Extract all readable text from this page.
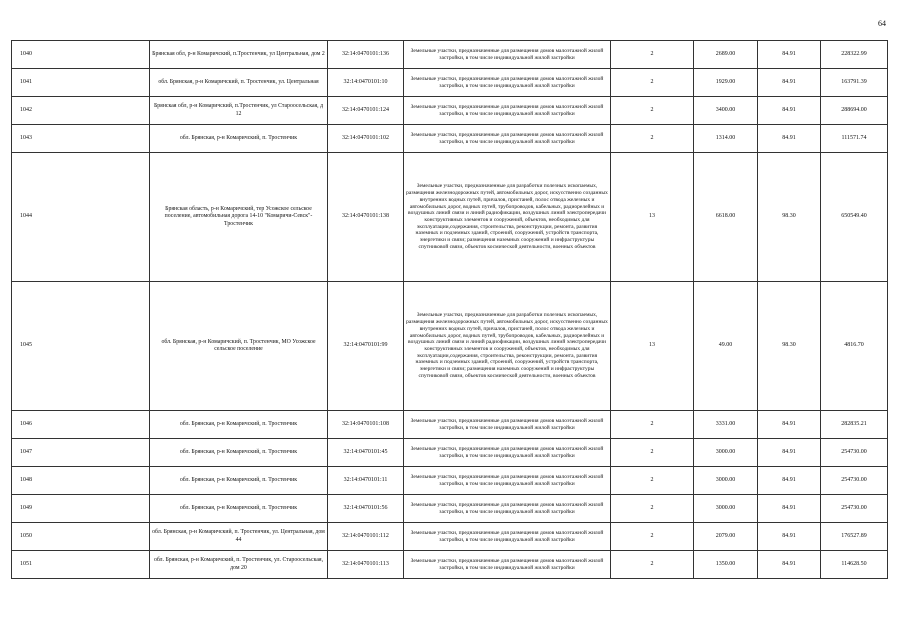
64
1040	Брянская обл, р-н Комаричский, п.Тростенчик, ул Центральная, дом 2	32:14:0470101:136	Земельные участки, предназначенные для размещения домов малоэтажной жилой застройки, в том числе индивидуальной жилой застройки	2	2689.00	84.91	228322.99
1041	обл. Брянская, р-н Комаричский, п. Тростенчик, ул. Центральная	32:14:0470101:10	Земельные участки, предназначенные для размещения домов малоэтажной жилой застройки, в том числе индивидуальной жилой застройки	2	1929.00	84.91	163791.39
1042	Брянская обл, р-н Комаричский, п.Тростенчик, ул Староосельская, д 12	32:14:0470101:124	Земельные участки, предназначенные для размещения домов малоэтажной жилой застройки, в том числе индивидуальной жилой застройки	2	3400.00	84.91	288694.00
1043	обл. Брянская, р-н Комаричский, п. Тростенчик	32:14:0470101:102	Земельные участки, предназначенные для размещения домов малоэтажной жилой застройки, в том числе индивидуальной жилой застройки	2	1314.00	84.91	111571.74
1044	Брянская область, р-н Комаричский, тер Усожское сельское поселение, автомобильная дорога 14-10 "Комаричи-Севск"-Тростенчик	32:14:0470101:138	Земельные участки, предназначенные для разработки полезных ископаемых, размещения железнодорожных путей, автомобильных дорог, искусственно созданных внутренних водных путей, причалов, пристаней, полос отвода железных и автомобильных дорог, водных путей, трубопроводов, кабельных, радиорелейных и воздушных линий связи и линий радиофикации, воздушных линий электропередачи конструктивных элементов и сооружений, объектов, необходимых для эксплуатации,содержания, строительства, реконструкции, ремонта, развития наземных и подземных зданий, строений, сооружений, устройств транспорта, энергетики и связи; размещения наземных сооружений и инфраструктуры спутниковой связи, объектов космической деятельности, военных объектов	13	6618.00	98.30	650549.40
1045	обл. Брянская, р-н Комаричский, п. Тростенчик, МО Усожское сельское поселение	32:14:0470101:99	Земельные участки, предназначенные для разработки полезных ископаемых, размещения железнодорожных путей, автомобильных дорог, искусственно созданных внутренних водных путей, причалов, пристаней, полос отвода железных и автомобильных дорог, водных путей, трубопроводов, кабельных, радиорелейных и воздушных линий связи и линий радиофикации, воздушных линий электропередачи конструктивных элементов и сооружений, объектов, необходимых для эксплуатации,содержания, строительства, реконструкции, ремонта, развития наземных и подземных зданий, строений, сооружений, устройств транспорта, энергетики и связи; размещения наземных сооружений и инфраструктуры спутниковой связи, объектов космической деятельности, военных объектов	13	49.00	98.30	4816.70
1046	обл. Брянская, р-н Комаричский, п. Тростенчик	32:14:0470101:108	Земельные участки, предназначенные для размещения домов малоэтажной жилой застройки, в том числе индивидуальной жилой застройки	2	3331.00	84.91	282835.21
1047	обл. Брянская, р-н Комаричский, п. Тростенчик	32:14:0470101:45	Земельные участки, предназначенные для размещения домов малоэтажной жилой застройки, в том числе индивидуальной жилой застройки	2	3000.00	84.91	254730.00
1048	обл. Брянская, р-н Комаричский, п. Тростенчик	32:14:0470101:11	Земельные участки, предназначенные для размещения домов малоэтажной жилой застройки, в том числе индивидуальной жилой застройки	2	3000.00	84.91	254730.00
1049	обл. Брянская, р-н Комаричский, п. Тростенчик	32:14:0470101:56	Земельные участки, предназначенные для размещения домов малоэтажной жилой застройки, в том числе индивидуальной жилой застройки	2	3000.00	84.91	254730.00
1050	обл. Брянская, р-н Комаричский, п. Тростенчик, ул. Центральная, дом 44	32:14:0470101:112	Земельные участки, предназначенные для размещения домов малоэтажной жилой застройки, в том числе индивидуальной жилой застройки	2	2079.00	84.91	176527.89
1051	обл. Брянская, р-н Комаричский, п. Тростенчик, ул. Староосельская, дом 20	32:14:0470101:113	Земельные участки, предназначенные для размещения домов малоэтажной жилой застройки, в том числе индивидуальной жилой застройки	2	1350.00	84.91	114628.50
